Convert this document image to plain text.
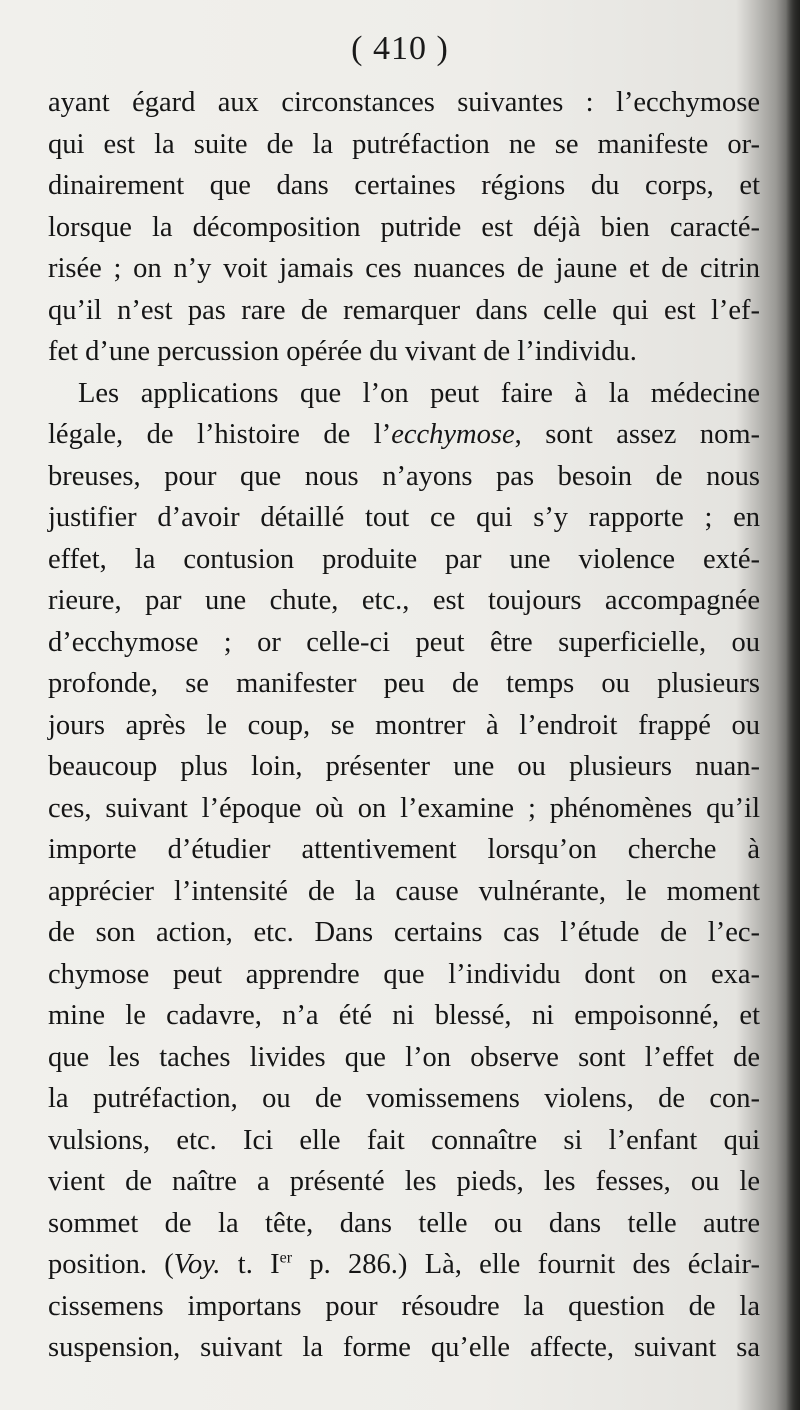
( 410 )
ayant égard aux circonstances suivantes : l’ecchymose
qui est la suite de la putréfaction ne se manifeste or-
dinairement que dans certaines régions du corps, et
lorsque la décomposition putride est déjà bien caracté-
risée ; on n’y voit jamais ces nuances de jaune et de citrin
qu’il n’est pas rare de remarquer dans celle qui est l’ef-
fet d’une percussion opérée du vivant de l’individu.
Les applications que l’on peut faire à la médecine
légale, de l’histoire de l’ecchymose, sont assez nom-
breuses, pour que nous n’ayons pas besoin de nous
justifier d’avoir détaillé tout ce qui s’y rapporte ; en
effet, la contusion produite par une violence exté-
rieure, par une chute, etc., est toujours accompagnée
d’ecchymose ; or celle-ci peut être superficielle, ou
profonde, se manifester peu de temps ou plusieurs
jours après le coup, se montrer à l’endroit frappé ou
beaucoup plus loin, présenter une ou plusieurs nuan-
ces, suivant l’époque où on l’examine ; phénomènes qu’il
importe d’étudier attentivement lorsqu’on cherche à
apprécier l’intensité de la cause vulnérante, le moment
de son action, etc. Dans certains cas l’étude de l’ec-
chymose peut apprendre que l’individu dont on exa-
mine le cadavre, n’a été ni blessé, ni empoisonné, et
que les taches livides que l’on observe sont l’effet de
la putréfaction, ou de vomissemens violens, de con-
vulsions, etc. Ici elle fait connaître si l’enfant qui
vient de naître a présenté les pieds, les fesses, ou le
sommet de la tête, dans telle ou dans telle autre
position. (Voy. t. Ier p. 286.) Là, elle fournit des éclair-
cissemens importans pour résoudre la question de la
suspension, suivant la forme qu’elle affecte, suivant sa
